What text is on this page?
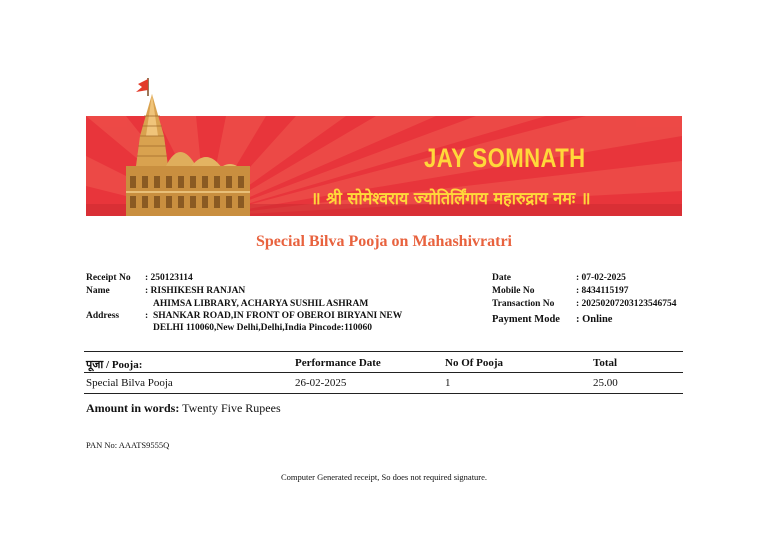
JAY SOMNATH
॥ श्री सोमेश्वराय ज्योतिर्लिंगाय महारुद्राय नमः ॥
Special Bilva Pooja on Mahashivratri
Receipt No : 250123114
Name	: RISHIKESH RANJAN
Address	:
AHIMSA LIBRARY, ACHARYA SUSHIL ASHRAM
SHANKAR ROAD,IN FRONT OF OBEROI BIRYANI NEW
DELHI 110060,New Delhi,Delhi,India Pincode:110060
Date	: 07-02-2025
Mobile No	: 8434115197
Transaction No : 20250207203123546754
Payment Mode : Online
पूजा / Pooja:	Performance Date	No Of Pooja	Total
Special Bilva Pooja	26-02-2025	1	25.00
Amount in words: Twenty Five Rupees
PAN No: AAATS9555Q
Computer Generated receipt, So does not required signature.
